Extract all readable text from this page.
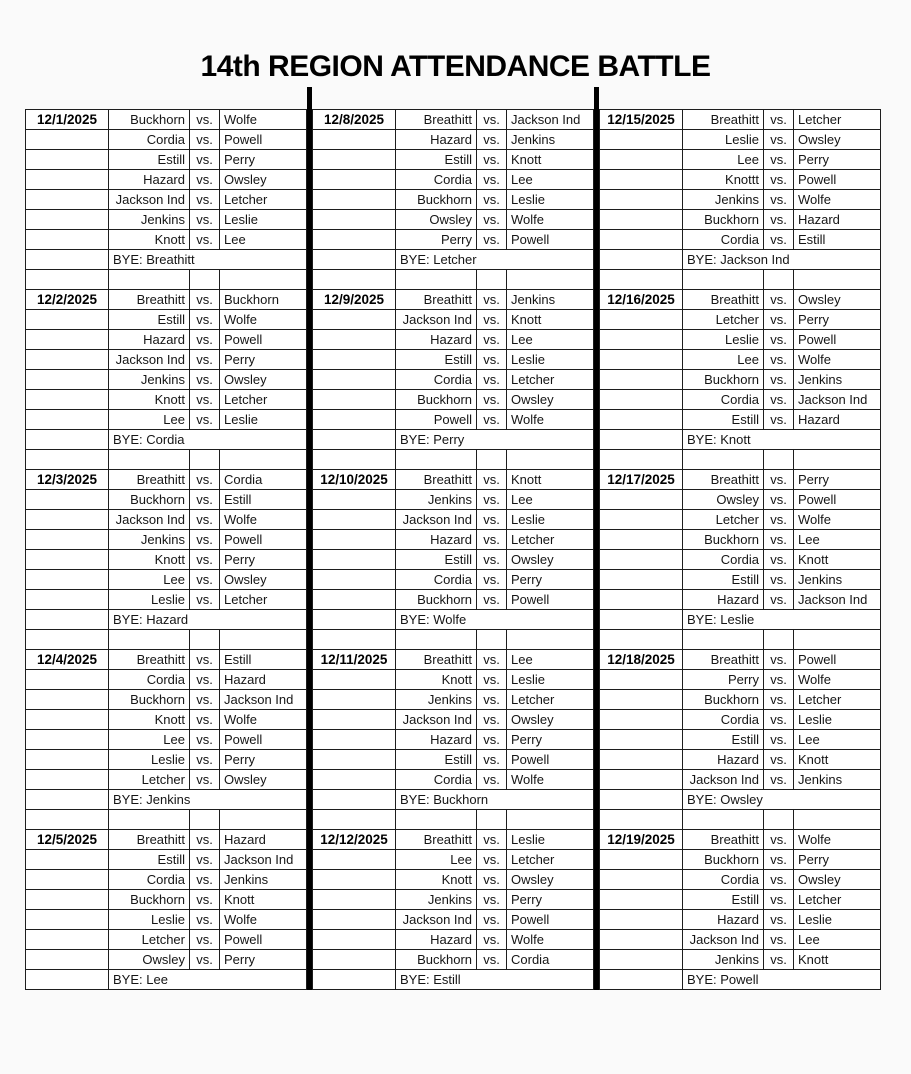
14th REGION ATTENDANCE BATTLE
12/1/2025	Buckhorn	vs.	Wolfe
	Cordia	vs.	Powell
	Estill	vs.	Perry
	Hazard	vs.	Owsley
	Jackson Ind	vs.	Letcher
	Jenkins	vs.	Leslie
	Knott	vs.	Lee
	BYE: Breathitt		

12/2/2025	Breathitt	vs.	Buckhorn
	Estill	vs.	Wolfe
	Hazard	vs.	Powell
	Jackson Ind	vs.	Perry
	Jenkins	vs.	Owsley
	Knott	vs.	Letcher
	Lee	vs.	Leslie
	BYE: Cordia		

12/3/2025	Breathitt	vs.	Cordia
	Buckhorn	vs.	Estill
	Jackson Ind	vs.	Wolfe
	Jenkins	vs.	Powell
	Knott	vs.	Perry
	Lee	vs.	Owsley
	Leslie	vs.	Letcher
	BYE: Hazard		

12/4/2025	Breathitt	vs.	Estill
	Cordia	vs.	Hazard
	Buckhorn	vs.	Jackson Ind
	Knott	vs.	Wolfe
	Lee	vs.	Powell
	Leslie	vs.	Perry
	Letcher	vs.	Owsley
	BYE: Jenkins		

12/5/2025	Breathitt	vs.	Hazard
	Estill	vs.	Jackson Ind
	Cordia	vs.	Jenkins
	Buckhorn	vs.	Knott
	Leslie	vs.	Wolfe
	Letcher	vs.	Powell
	Owsley	vs.	Perry
	BYE: Lee		
12/8/2025	Breathitt	vs.	Jackson Ind
	Hazard	vs.	Jenkins
	Estill	vs.	Knott
	Cordia	vs.	Lee
	Buckhorn	vs.	Leslie
	Owsley	vs.	Wolfe
	Perry	vs.	Powell
	BYE: Letcher		

12/9/2025	Breathitt	vs.	Jenkins
	Jackson Ind	vs.	Knott
	Hazard	vs.	Lee
	Estill	vs.	Leslie
	Cordia	vs.	Letcher
	Buckhorn	vs.	Owsley
	Powell	vs.	Wolfe
	BYE: Perry		

12/10/2025	Breathitt	vs.	Knott
	Jenkins	vs.	Lee
	Jackson Ind	vs.	Leslie
	Hazard	vs.	Letcher
	Estill	vs.	Owsley
	Cordia	vs.	Perry
	Buckhorn	vs.	Powell
	BYE: Wolfe		

12/11/2025	Breathitt	vs.	Lee
	Knott	vs.	Leslie
	Jenkins	vs.	Letcher
	Jackson Ind	vs.	Owsley
	Hazard	vs.	Perry
	Estill	vs.	Powell
	Cordia	vs.	Wolfe
	BYE: Buckhorn		

12/12/2025	Breathitt	vs.	Leslie
	Lee	vs.	Letcher
	Knott	vs.	Owsley
	Jenkins	vs.	Perry
	Jackson Ind	vs.	Powell
	Hazard	vs.	Wolfe
	Buckhorn	vs.	Cordia
	BYE: Estill		
12/15/2025	Breathitt	vs.	Letcher
	Leslie	vs.	Owsley
	Lee	vs.	Perry
	Knottt	vs.	Powell
	Jenkins	vs.	Wolfe
	Buckhorn	vs.	Hazard
	Cordia	vs.	Estill
	BYE: Jackson Ind		

12/16/2025	Breathitt	vs.	Owsley
	Letcher	vs.	Perry
	Leslie	vs.	Powell
	Lee	vs.	Wolfe
	Buckhorn	vs.	Jenkins
	Cordia	vs.	Jackson Ind
	Estill	vs.	Hazard
	BYE: Knott		

12/17/2025	Breathitt	vs.	Perry
	Owsley	vs.	Powell
	Letcher	vs.	Wolfe
	Buckhorn	vs.	Lee
	Cordia	vs.	Knott
	Estill	vs.	Jenkins
	Hazard	vs.	Jackson Ind
	BYE: Leslie		

12/18/2025	Breathitt	vs.	Powell
	Perry	vs.	Wolfe
	Buckhorn	vs.	Letcher
	Cordia	vs.	Leslie
	Estill	vs.	Lee
	Hazard	vs.	Knott
	Jackson Ind	vs.	Jenkins
	BYE: Owsley		

12/19/2025	Breathitt	vs.	Wolfe
	Buckhorn	vs.	Perry
	Cordia	vs.	Owsley
	Estill	vs.	Letcher
	Hazard	vs.	Leslie
	Jackson Ind	vs.	Lee
	Jenkins	vs.	Knott
	BYE: Powell		
